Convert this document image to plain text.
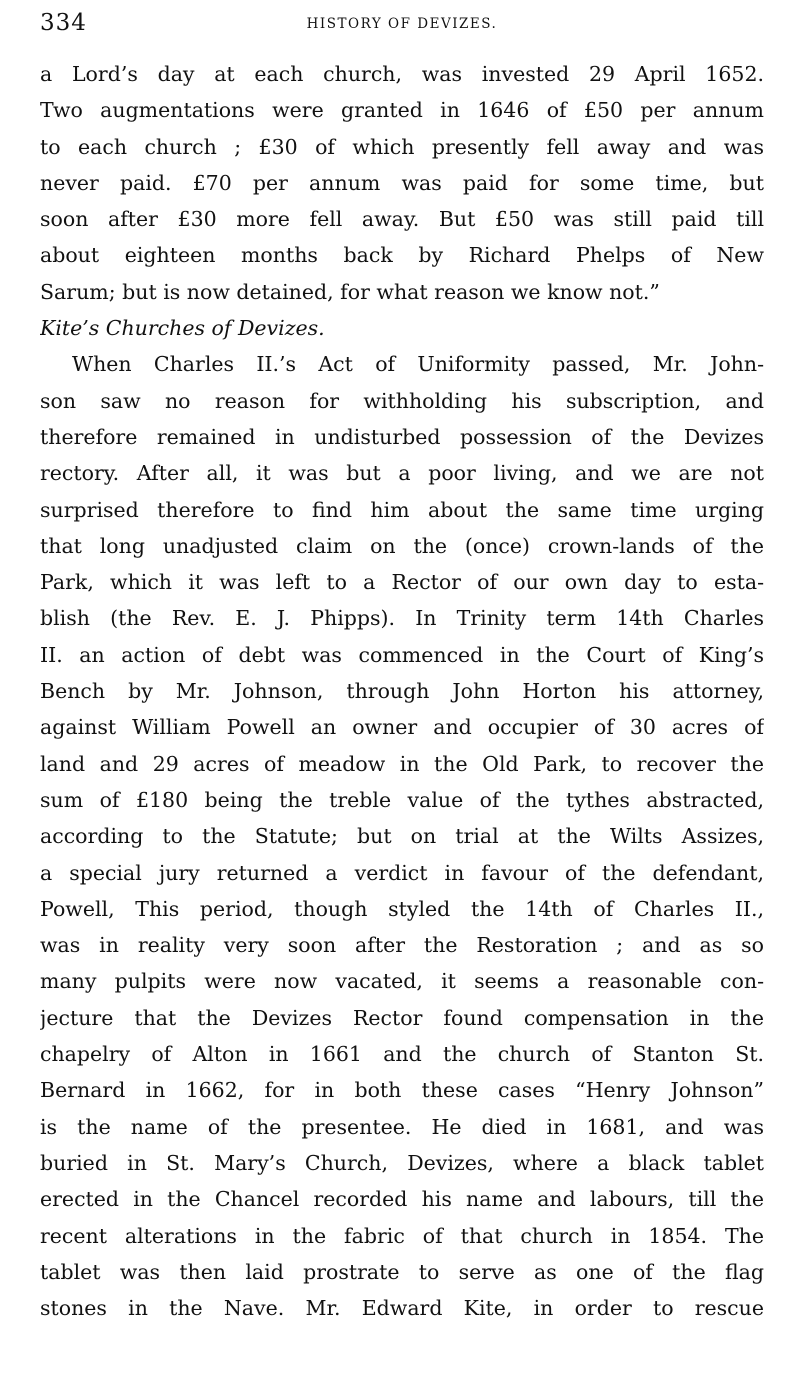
334	HISTORY OF DEVIZES.
a Lord’s day at each church, was invested 29 April 1652.
Two augmentations were granted in 1646 of £50 per annum
to each church ; £30 of which presently fell away and was
never paid. £70 per annum was paid for some time, but
soon after £30 more fell away. But £50 was still paid till
about eighteen months back by Richard Phelps of New
Sarum; but is now detained, for what reason we know not.”
Kite’s Churches of Devizes.
When Charles II.’s Act of Uniformity passed, Mr. John-
son saw no reason for withholding his subscription, and
therefore remained in undisturbed possession of the Devizes
rectory. After all, it was but a poor living, and we are not
surprised therefore to find him about the same time urging
that long unadjusted claim on the (once) crown-lands of the
Park, which it was left to a Rector of our own day to esta-
blish (the Rev. E. J. Phipps). In Trinity term 14th Charles
II. an action of debt was commenced in the Court of King’s
Bench by Mr. Johnson, through John Horton his attorney,
against William Powell an owner and occupier of 30 acres of
land and 29 acres of meadow in the Old Park, to recover the
sum of £180 being the treble value of the tythes abstracted,
according to the Statute; but on trial at the Wilts Assizes,
a special jury returned a verdict in favour of the defendant,
Powell, This period, though styled the 14th of Charles II.,
was in reality very soon after the Restoration ; and as so
many pulpits were now vacated, it seems a reasonable con-
jecture that the Devizes Rector found compensation in the
chapelry of Alton in 1661 and the church of Stanton St.
Bernard in 1662, for in both these cases “Henry Johnson”
is the name of the presentee. He died in 1681, and was
buried in St. Mary’s Church, Devizes, where a black tablet
erected in the Chancel recorded his name and labours, till the
recent alterations in the fabric of that church in 1854. The
tablet was then laid prostrate to serve as one of the flag
stones in the Nave. Mr. Edward Kite, in order to rescue
